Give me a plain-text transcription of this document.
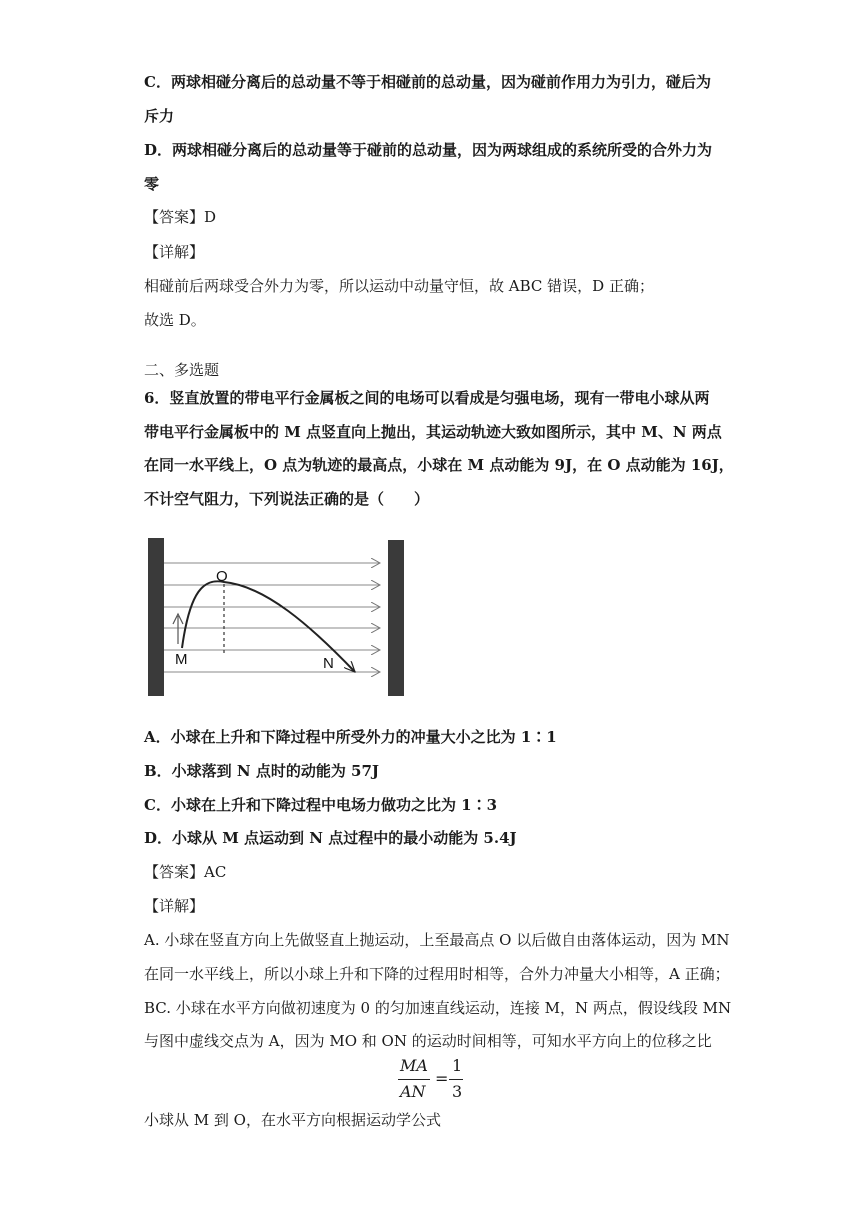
C．两球相碰分离后的总动量不等于相碰前的总动量，因为碰前作用力为引力，碰后为
斥力
D．两球相碰分离后的总动量等于碰前的总动量，因为两球组成的系统所受的合外力为
零
【答案】D
【详解】
相碰前后两球受合外力为零，所以运动中动量守恒，故 ABC 错误，D 正确；
故选 D。
二、多选题
6．竖直放置的带电平行金属板之间的电场可以看成是匀强电场，现有一带电小球从两
带电平行金属板中的 M 点竖直向上抛出，其运动轨迹大致如图所示，其中 M、N 两点
在同一水平线上，O 点为轨迹的最高点，小球在 M 点动能为 9J，在 O 点动能为 16J，
不计空气阻力，下列说法正确的是（　　）
O
M	N
A．小球在上升和下降过程中所受外力的冲量大小之比为 1∶1
B．小球落到 N 点时的动能为 57J
C．小球在上升和下降过程中电场力做功之比为 1∶3
D．小球从 M 点运动到 N 点过程中的最小动能为 5.4J
【答案】AC
【详解】
A. 小球在竖直方向上先做竖直上抛运动，上至最高点 O 以后做自由落体运动，因为 MN
在同一水平线上，所以小球上升和下降的过程用时相等，合外力冲量大小相等，A 正确；
BC. 小球在水平方向做初速度为 0 的匀加速直线运动，连接 M，N 两点，假设线段 MN
与图中虚线交点为 A，因为 MO 和 ON 的运动时间相等，可知水平方向上的位移之比
MA
AN
=
1
3
小球从 M 到 O，在水平方向根据运动学公式
